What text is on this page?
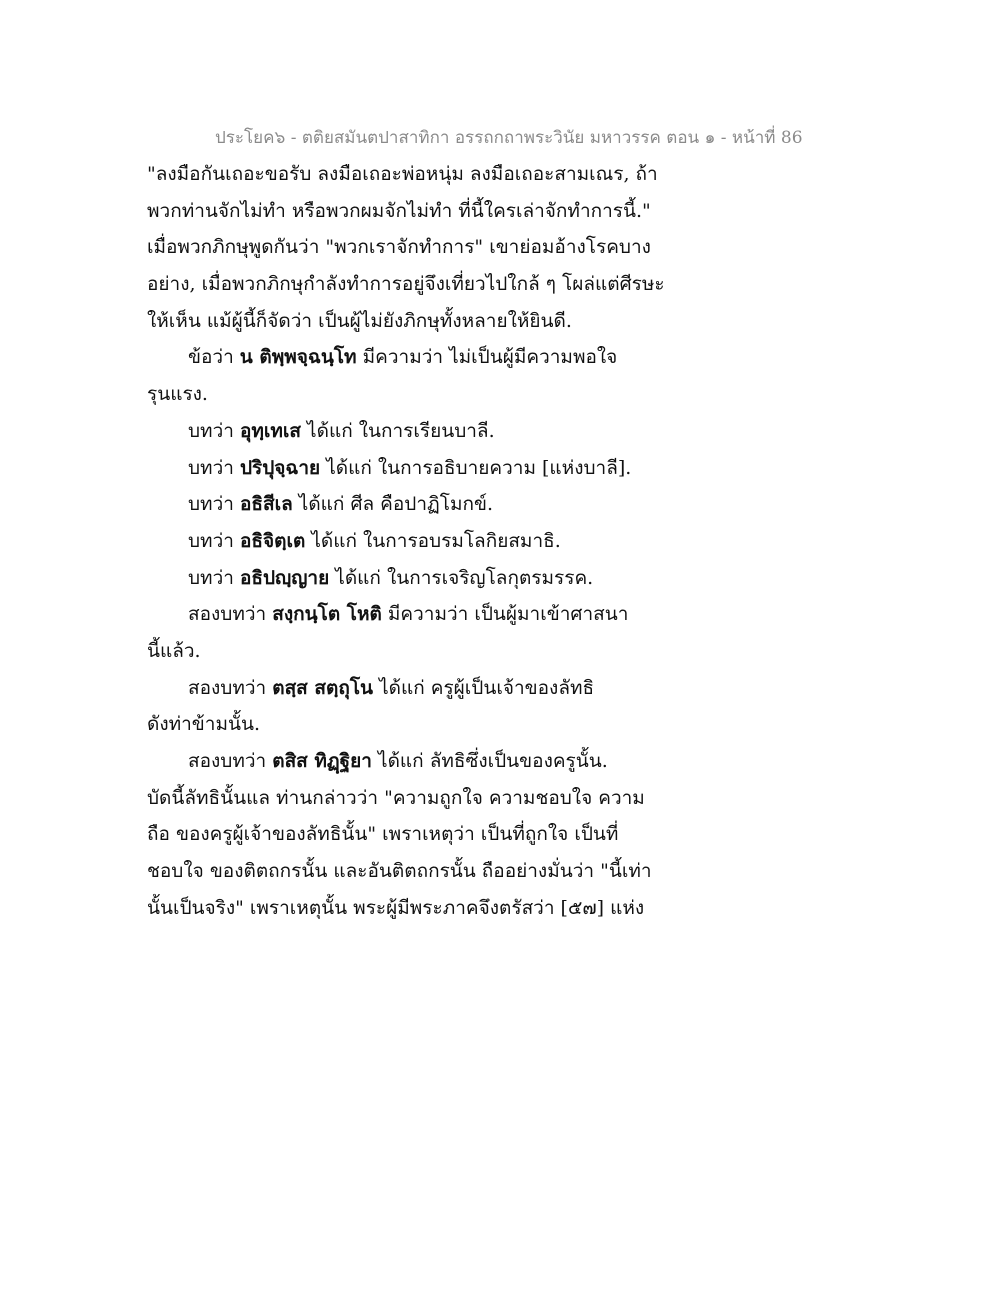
ประโยค๖ - ตติยสมันตปาสาทิกา อรรถกถาพระวินัย มหาวรรค ตอน ๑ - หน้าที่ 86
"ลงมือกันเถอะขอรับ ลงมือเถอะพ่อหนุ่ม ลงมือเถอะสามเณร, ถ้า
พวกท่านจักไม่ทำ หรือพวกผมจักไม่ทำ ที่นี้ใครเล่าจักทำการนี้."
เมื่อพวกภิกษุพูดกันว่า "พวกเราจักทำการ" เขาย่อมอ้างโรคบาง
อย่าง, เมื่อพวกภิกษุกำลังทำการอยู่จึงเที่ยวไปใกล้ ๆ โผล่แต่ศีรษะ
ให้เห็น แม้ผู้นี้ก็จัดว่า เป็นผู้ไม่ยังภิกษุทั้งหลายให้ยินดี.
ข้อว่า น ติพฺพจฺฉนฺโท มีความว่า ไม่เป็นผู้มีความพอใจ
รุนแรง.
บทว่า อุทฺเทเส ได้แก่ ในการเรียนบาลี.
บทว่า ปริปุจฺฉาย ได้แก่ ในการอธิบายความ [แห่งบาลี].
บทว่า อธิสีเล ได้แก่ ศีล คือปาฏิโมกข์.
บทว่า อธิจิตฺเต ได้แก่ ในการอบรมโลกิยสมาธิ.
บทว่า อธิปญฺญาย ได้แก่ ในการเจริญโลกุตรมรรค.
สองบทว่า สงฺกนฺโต โหติ มีความว่า เป็นผู้มาเข้าศาสนา
นี้แล้ว.
สองบทว่า ตสฺส สตฺถุโน ได้แก่ ครูผู้เป็นเจ้าของลัทธิ
ดังท่าข้ามนั้น.
สองบทว่า ตสิส ทิฏฺฐิยา ได้แก่ ลัทธิซึ่งเป็นของครูนั้น.
บัดนี้ลัทธินั้นแล ท่านกล่าวว่า "ความถูกใจ ความชอบใจ ความ
ถือ ของครูผู้เจ้าของลัทธินั้น" เพราเหตุว่า เป็นที่ถูกใจ เป็นที่
ชอบใจ ของติตถกรนั้น และอันติตถกรนั้น ถืออย่างมั่นว่า "นี้เท่า
นั้นเป็นจริง" เพราเหตุนั้น พระผู้มีพระภาคจึงตรัสว่า [๕๗] แห่ง
